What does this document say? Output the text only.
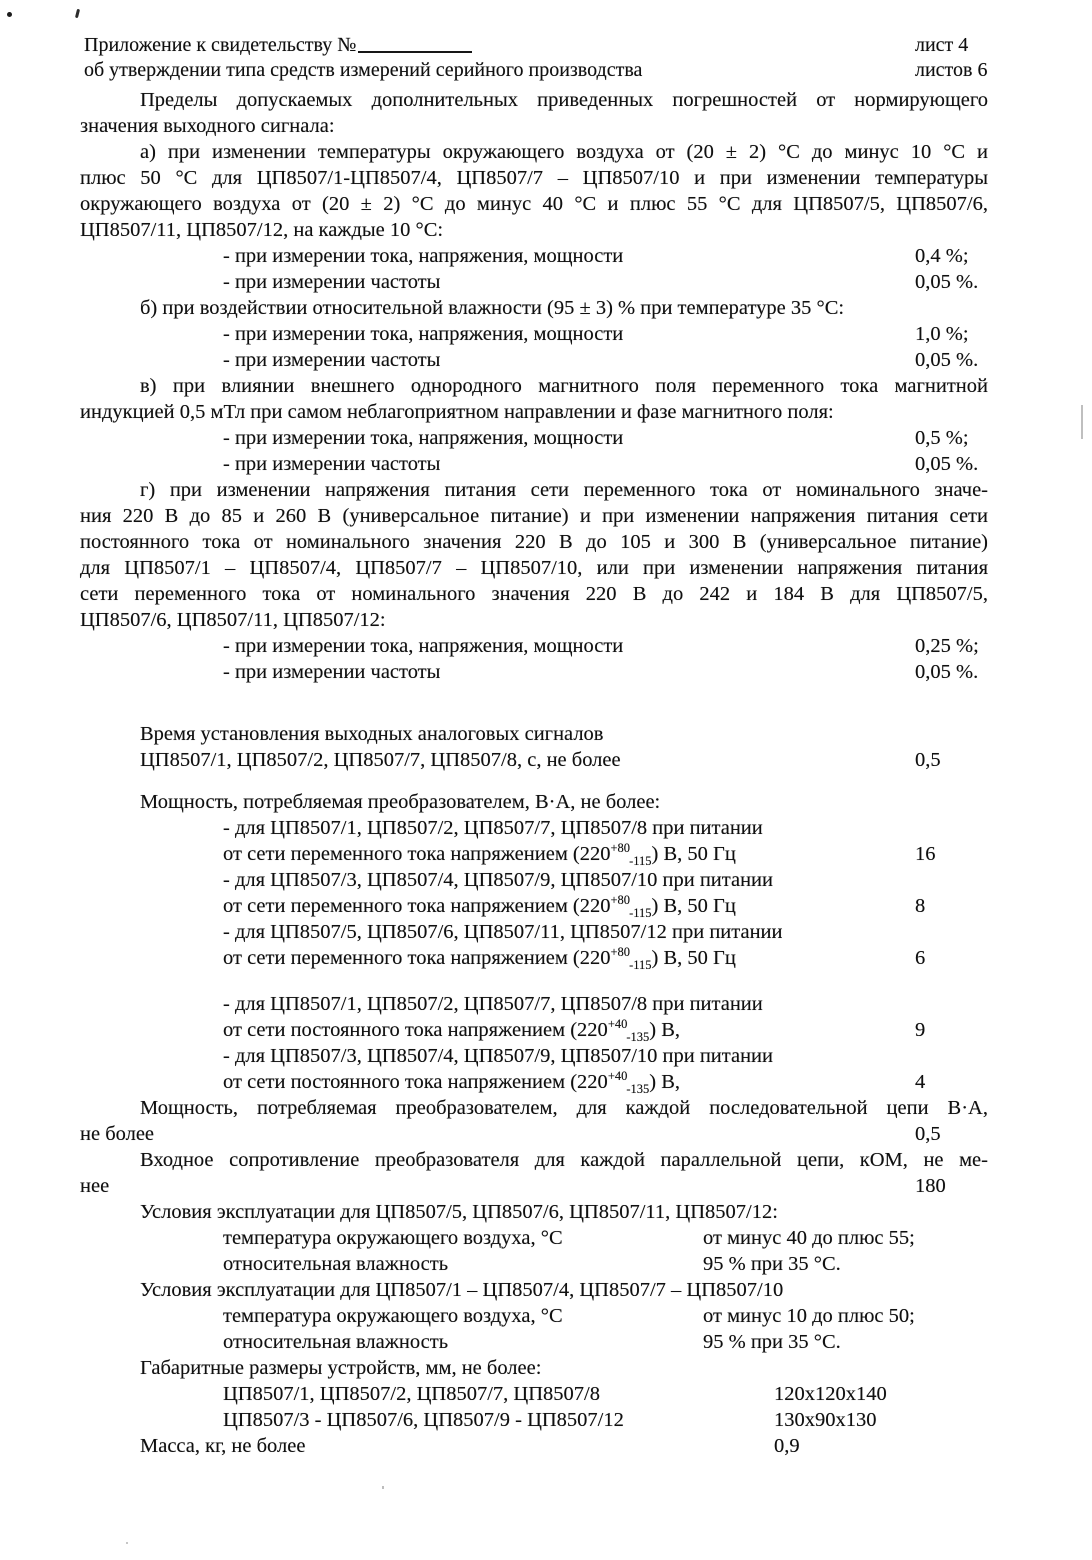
Приложение к свидетельству №
об утверждении типа средств измерений серийного производства
лист 4
листов 6
Пределы допускаемых дополнительных приведенных погрешностей от нормирующего
значения выходного сигнала:
а) при изменении температуры окружающего воздуха от (20 ± 2) °С до минус 10 °С и
плюс 50 °С для ЦП8507/1-ЦП8507/4, ЦП8507/7 – ЦП8507/10 и при изменении температуры
окружающего воздуха от (20 ± 2) °С до минус 40 °С и плюс 55 °С для ЦП8507/5, ЦП8507/6,
ЦП8507/11, ЦП8507/12, на каждые 10 °С:
- при измерении тока, напряжения, мощности	0,4 %;
- при измерении частоты	0,05 %.
б) при воздействии относительной влажности (95 ± 3) % при температуре 35 °С:
- при измерении тока, напряжения, мощности	1,0 %;
- при измерении частоты	0,05 %.
в) при влиянии внешнего однородного магнитного поля переменного тока магнитной
индукцией 0,5 мТл при самом неблагоприятном направлении и фазе магнитного поля:
- при измерении тока, напряжения, мощности	0,5 %;
- при измерении частоты	0,05 %.
г) при изменении напряжения питания сети переменного тока от номинального значе-
ния 220 В до 85 и 260 В (универсальное питание) и при изменении напряжения питания сети
постоянного тока от номинального значения 220 В до 105 и 300 В (универсальное питание)
для ЦП8507/1 – ЦП8507/4, ЦП8507/7 – ЦП8507/10, или при изменении напряжения питания
сети переменного тока от номинального значения 220 В до 242 и 184 В для ЦП8507/5,
ЦП8507/6, ЦП8507/11, ЦП8507/12:
- при измерении тока, напряжения, мощности	0,25 %;
- при измерении частоты	0,05 %.
Время установления выходных аналоговых сигналов
ЦП8507/1, ЦП8507/2, ЦП8507/7, ЦП8507/8, с, не более	0,5
Мощность, потребляемая преобразователем, В·А, не более:
- для ЦП8507/1, ЦП8507/2, ЦП8507/7, ЦП8507/8 при питании
от сети переменного тока напряжением $(220^{+80}_{-115})$ В, 50 Гц	16
- для ЦП8507/3, ЦП8507/4, ЦП8507/9, ЦП8507/10 при питании
от сети переменного тока напряжением $(220^{+80}_{-115})$ В, 50 Гц	8
- для ЦП8507/5, ЦП8507/6, ЦП8507/11, ЦП8507/12 при питании
от сети переменного тока напряжением $(220^{+80}_{-115})$ В, 50 Гц	6
- для ЦП8507/1, ЦП8507/2, ЦП8507/7, ЦП8507/8 при питании
от сети постоянного тока напряжением $(220^{+40}_{-135})$ В,	9
- для ЦП8507/3, ЦП8507/4, ЦП8507/9, ЦП8507/10 при питании
от сети постоянного тока напряжением $(220^{+40}_{-135})$ В,	4
Мощность, потребляемая преобразователем, для каждой последовательной цепи В·А,
не более	0,5
Входное сопротивление преобразователя для каждой параллельной цепи, кОМ, не ме-
нее	180
Условия эксплуатации для ЦП8507/5, ЦП8507/6, ЦП8507/11, ЦП8507/12:
температура окружающего воздуха, °С	от минус 40 до плюс 55;
относительная влажность	95 % при 35 °С.
Условия эксплуатации для ЦП8507/1 – ЦП8507/4, ЦП8507/7 – ЦП8507/10
температура окружающего воздуха, °С	от минус 10 до плюс 50;
относительная влажность	95 % при 35 °С.
Габаритные размеры устройств, мм, не более:
ЦП8507/1, ЦП8507/2, ЦП8507/7, ЦП8507/8	120x120x140
ЦП8507/3 - ЦП8507/6, ЦП8507/9 - ЦП8507/12	130x90x130
Масса, кг, не более	0,9
